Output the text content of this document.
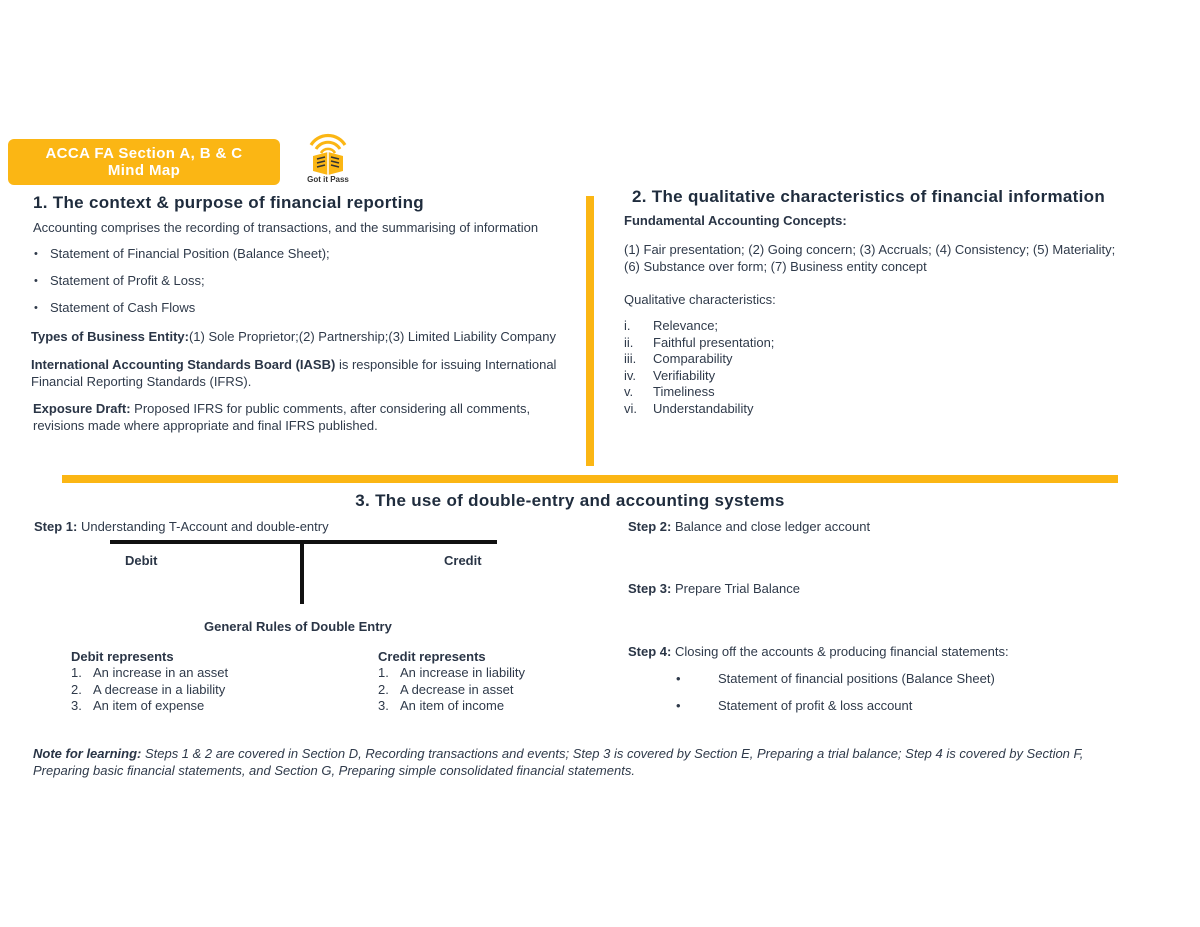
ACCA FA Section A, B & C
Mind Map
Got it Pass
1. The context & purpose of financial reporting
Accounting comprises the recording of transactions, and the summarising of information
• Statement of Financial Position (Balance Sheet);
• Statement of Profit & Loss;
• Statement of Cash Flows
Types of Business Entity:(1) Sole Proprietor;(2) Partnership;(3) Limited Liability Company
International Accounting Standards Board (IASB) is responsible for issuing International
Financial Reporting Standards (IFRS).
Exposure Draft: Proposed IFRS for public comments, after considering all comments,
revisions made where appropriate and final IFRS published.
2. The qualitative characteristics of financial information
Fundamental Accounting Concepts:
(1) Fair presentation; (2) Going concern; (3) Accruals; (4) Consistency; (5) Materiality;
(6) Substance over form; (7) Business entity concept
Qualitative characteristics:
i. Relevance;
ii. Faithful presentation;
iii. Comparability
iv. Verifiability
v. Timeliness
vi. Understandability
3. The use of double-entry and accounting systems
Step 1: Understanding T-Account and double-entry
Debit	Credit
General Rules of Double Entry
Debit represents
1. An increase in an asset
2. A decrease in a liability
3. An item of expense
Credit represents
1. An increase in liability
2. A decrease in asset
3. An item of income
Step 2: Balance and close ledger account
Step 3: Prepare Trial Balance
Step 4: Closing off the accounts & producing financial statements:
•	Statement of financial positions (Balance Sheet)
•	Statement of profit & loss account
Note for learning: Steps 1 & 2 are covered in Section D, Recording transactions and events; Step 3 is covered by Section E, Preparing a trial balance; Step 4 is covered by Section F,
Preparing basic financial statements, and Section G, Preparing simple consolidated financial statements.
